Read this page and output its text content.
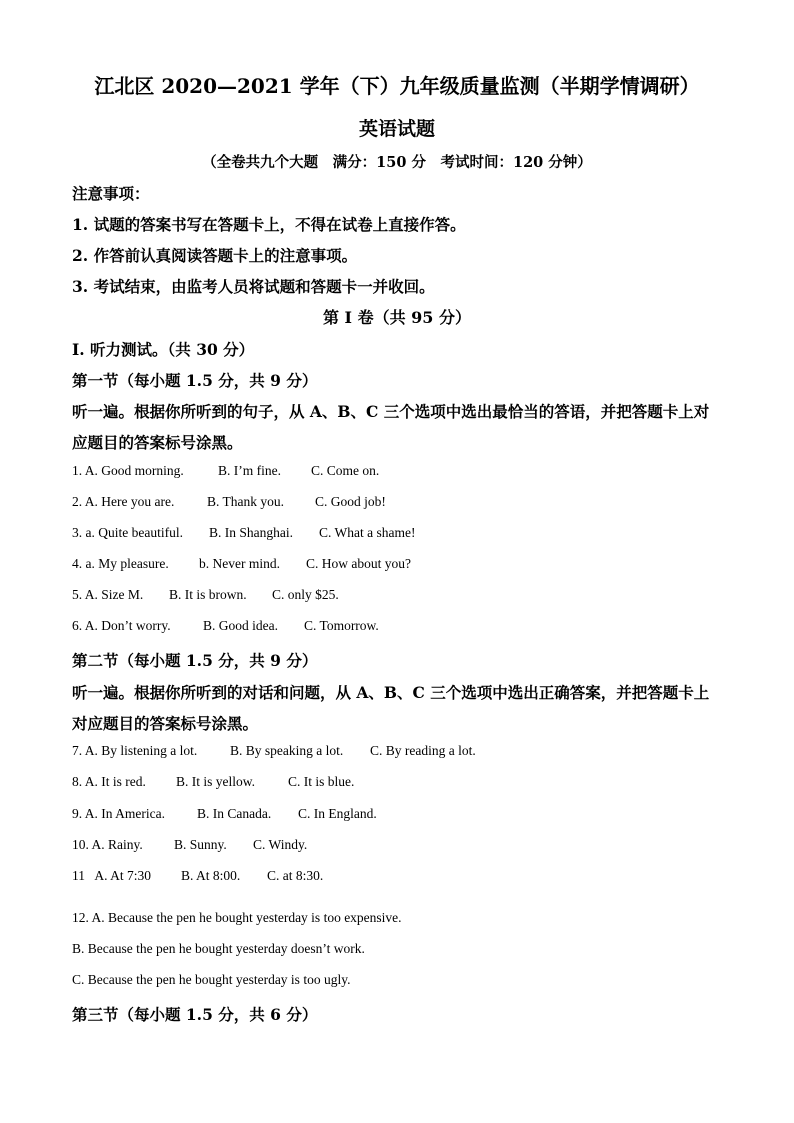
江北区 2020—2021 学年（下）九年级质量监测（半期学情调研）
英语试题
（全卷共九个大题　满分：150 分　考试时间：120 分钟）
注意事项：
1. 试题的答案书写在答题卡上，不得在试卷上直接作答。
2. 作答前认真阅读答题卡上的注意事项。
3. 考试结束，由监考人员将试题和答题卡一并收回。
第 I 卷（共 95 分）
Ⅰ. 听力测试。（共 30 分）
第一节（每小题 1.5 分，共 9 分）
听一遍。根据你所听到的句子，从 A、B、C 三个选项中选出最恰当的答语，并把答题卡上对
应题目的答案标号涂黑。
1. A. Good morning.	B. I’m fine. C. Come on.
2. A. Here you are. B. Thank you. C. Good job!
3. a. Quite beautiful. B. In Shanghai. C. What a shame!
4. a. My pleasure. b. Never mind. C. How about you?
5. A. Size M. B. It is brown. C. only $25.
6. A. Don’t worry. B. Good idea. C. Tomorrow.
第二节（每小题 1.5 分，共 9 分）
听一遍。根据你所听到的对话和问题，从 A、B、C 三个选项中选出正确答案，并把答题卡上
对应题目的答案标号涂黑。
7. A. By listening a lot. B. By speaking a lot. C. By reading a lot.
8. A. It is red. B. It is yellow. C. It is blue.
9. A. In America. B. In Canada. C. In England.
10. A. Rainy. B. Sunny. C. Windy.
11   A. At 7:30 B. At 8:00. C. at 8:30.
12. A. Because the pen he bought yesterday is too expensive.
B. Because the pen he bought yesterday doesn’t work.
C. Because the pen he bought yesterday is too ugly.
第三节（每小题 1.5 分，共 6 分）
